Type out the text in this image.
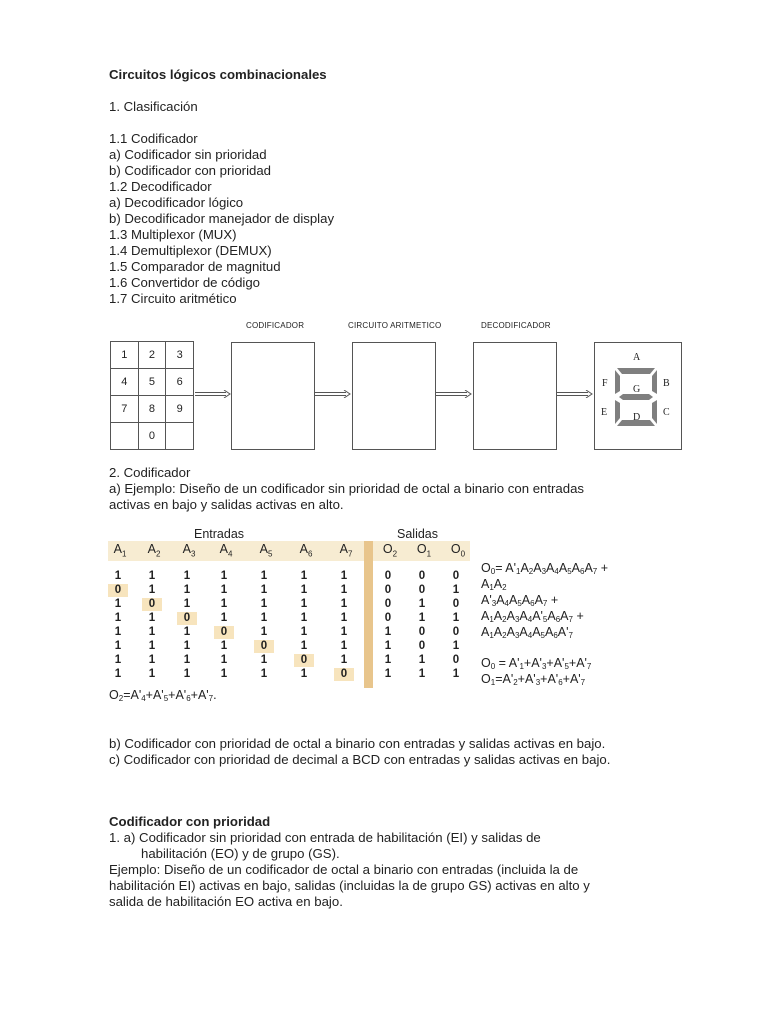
Circuitos lógicos combinacionales
1. Clasificación
1.1 Codificador
a) Codificador sin prioridad
b) Codificador con prioridad
1.2 Decodificador
a) Decodificador lógico
b) Decodificador manejador de display
1.3 Multiplexor (MUX)
1.4 Demultiplexor (DEMUX)
1.5 Comparador de magnitud
1.6 Convertidor de código
1.7 Circuito aritmético
CODIFICADOR	CIRCUITO ARITMETICO	DECODIFICADOR
1	2	3
4	5	6
7	8	9
	0	
A
B
C
D
E
F
G
2. Codificador
a) Ejemplo: Diseño de un codificador sin prioridad de octal a binario con entradas
activas en bajo y salidas activas en alto.
Entradas	Salidas
$A_1$	$A_2$	$A_3$	$A_4$	$A_5$	$A_6$	$A_7$	$O_2$	$O_1$	$O_0$
1	1	1	1	1	1	1	0	0	0
0	1	1	1	1	1	1	0	0	1
1	0	1	1	1	1	1	0	1	0
1	1	0	1	1	1	1	0	1	1
1	1	1	0	1	1	1	1	0	0
1	1	1	1	0	1	1	1	0	1
1	1	1	1	1	0	1	1	1	0
1	1	1	1	1	1	0	1	1	1
$O_0= A'_1A_2A_3A_4A_5A_6A_7$ +
$A_1A_2$
$A'_3A_4A_5A_6A_7$ +
$A_1A_2A_3A_4A'_5A_6A_7$ +
$A_1A_2A_3A_4A_5A_6A'_7$
$O_0 = A'_1+A'_3+A'_5+A'_7$
$O_1=A'_2+A'_3+A'_6+A'_7$
$O_2=A'_4+A'_5+A'_6+A'_7$.
b) Codificador con prioridad de octal a binario con entradas y salidas activas en bajo.
c) Codificador con prioridad de decimal a BCD con entradas y salidas activas en bajo.
Codificador con prioridad
1. a) Codificador sin prioridad con entrada de habilitación (EI) y salidas de
habilitación (EO) y de grupo (GS).
Ejemplo: Diseño de un codificador de octal a binario con entradas (incluida la de
habilitación EI) activas en bajo, salidas (incluidas la de grupo GS) activas en alto y
salida de habilitación EO activa en bajo.
